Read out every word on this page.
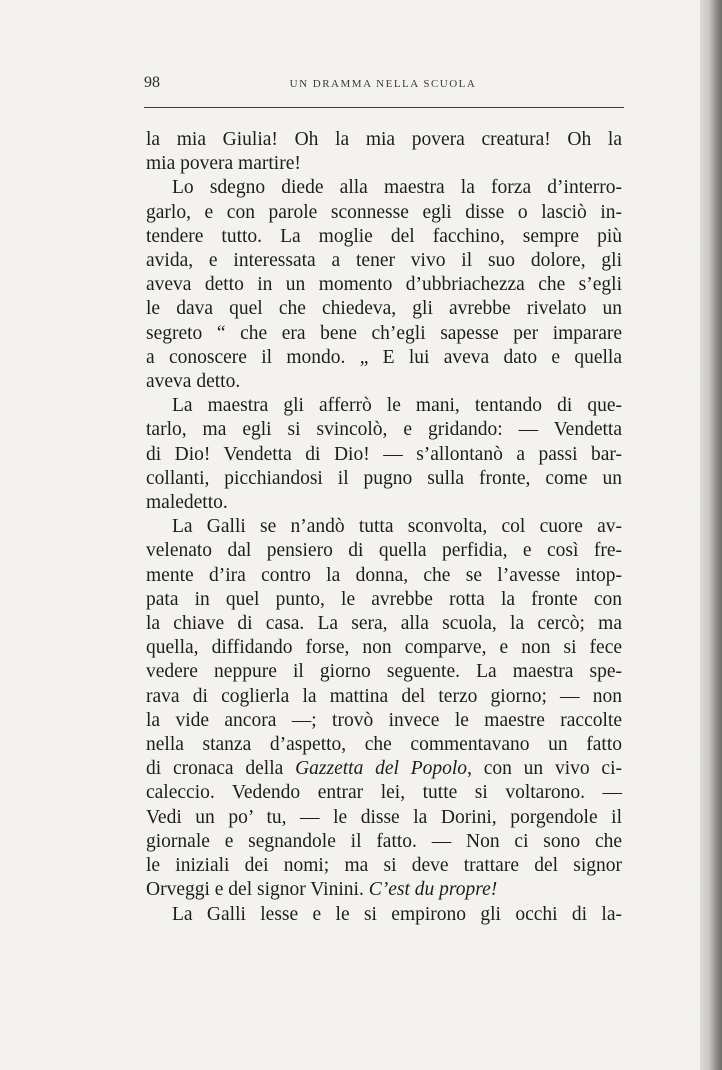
98	UN DRAMMA NELLA SCUOLA
la mia Giulia! Oh la mia povera creatura! Oh la
mia povera martire!
Lo sdegno diede alla maestra la forza d’interro-
garlo, e con parole sconnesse egli disse o lasciò in-
tendere tutto. La moglie del facchino, sempre più
avida, e interessata a tener vivo il suo dolore, gli
aveva detto in un momento d’ubbriachezza che s’egli
le dava quel che chiedeva, gli avrebbe rivelato un
segreto “ che era bene ch’egli sapesse per imparare
a conoscere il mondo. „ E lui aveva dato e quella
aveva detto.
La maestra gli afferrò le mani, tentando di que-
tarlo, ma egli si svincolò, e gridando: — Vendetta
di Dio! Vendetta di Dio! — s’allontanò a passi bar-
collanti, picchiandosi il pugno sulla fronte, come un
maledetto.
La Galli se n’andò tutta sconvolta, col cuore av-
velenato dal pensiero di quella perfidia, e così fre-
mente d’ira contro la donna, che se l’avesse intop-
pata in quel punto, le avrebbe rotta la fronte con
la chiave di casa. La sera, alla scuola, la cercò; ma
quella, diffidando forse, non comparve, e non si fece
vedere neppure il giorno seguente. La maestra spe-
rava di coglierla la mattina del terzo giorno; — non
la vide ancora —; trovò invece le maestre raccolte
nella stanza d’aspetto, che commentavano un fatto
di cronaca della Gazzetta del Popolo, con un vivo ci-
caleccio. Vedendo entrar lei, tutte si voltarono. —
Vedi un po’ tu, — le disse la Dorini, porgendole il
giornale e segnandole il fatto. — Non ci sono che
le iniziali dei nomi; ma si deve trattare del signor
Orveggi e del signor Vinini. C’est du propre!
La Galli lesse e le si empirono gli occhi di la-
